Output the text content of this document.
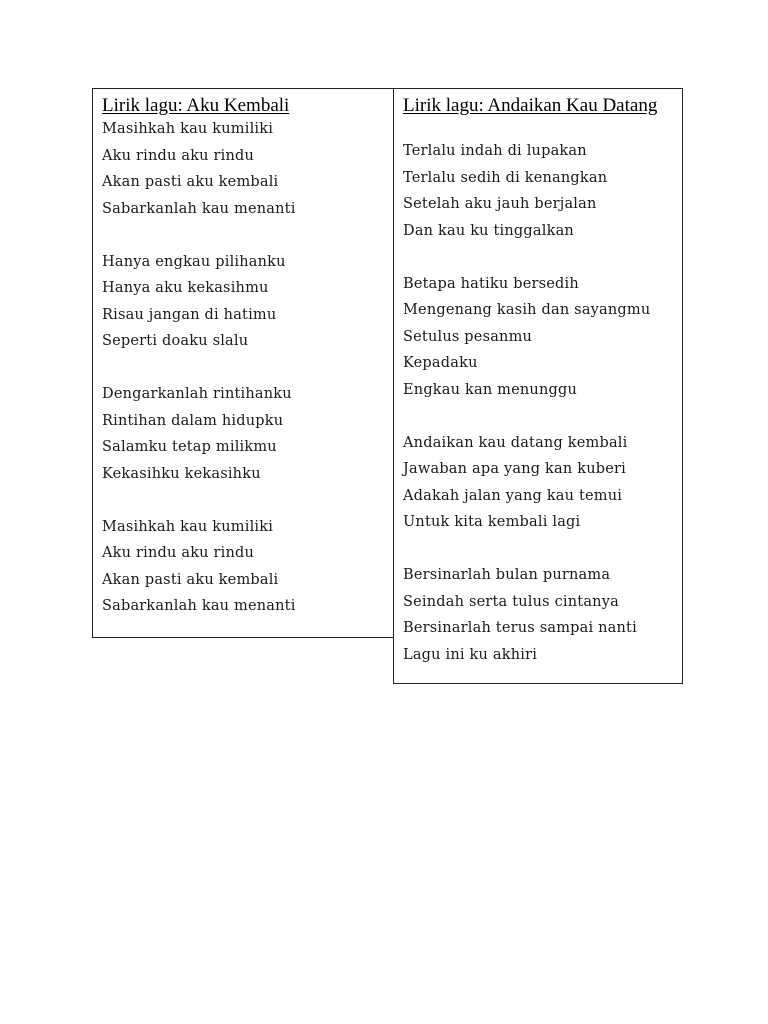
Lirik lagu: Aku Kembali
Masihkah kau kumiliki
Aku rindu aku rindu
Akan pasti aku kembali
Sabarkanlah kau menanti
Hanya engkau pilihanku
Hanya aku kekasihmu
Risau jangan di hatimu
Seperti doaku slalu
Dengarkanlah rintihanku
Rintihan dalam hidupku
Salamku tetap milikmu
Kekasihku kekasihku
Masihkah kau kumiliki
Aku rindu aku rindu
Akan pasti aku kembali
Sabarkanlah kau menanti
Lirik lagu: Andaikan Kau Datang
Terlalu indah di lupakan
Terlalu sedih di kenangkan
Setelah aku jauh berjalan
Dan kau ku tinggalkan
Betapa hatiku bersedih
Mengenang kasih dan sayangmu
Setulus pesanmu
Kepadaku
Engkau kan menunggu
Andaikan kau datang kembali
Jawaban apa yang kan kuberi
Adakah jalan yang kau temui
Untuk kita kembali lagi
Bersinarlah bulan purnama
Seindah serta tulus cintanya
Bersinarlah terus sampai nanti
Lagu ini ku akhiri
